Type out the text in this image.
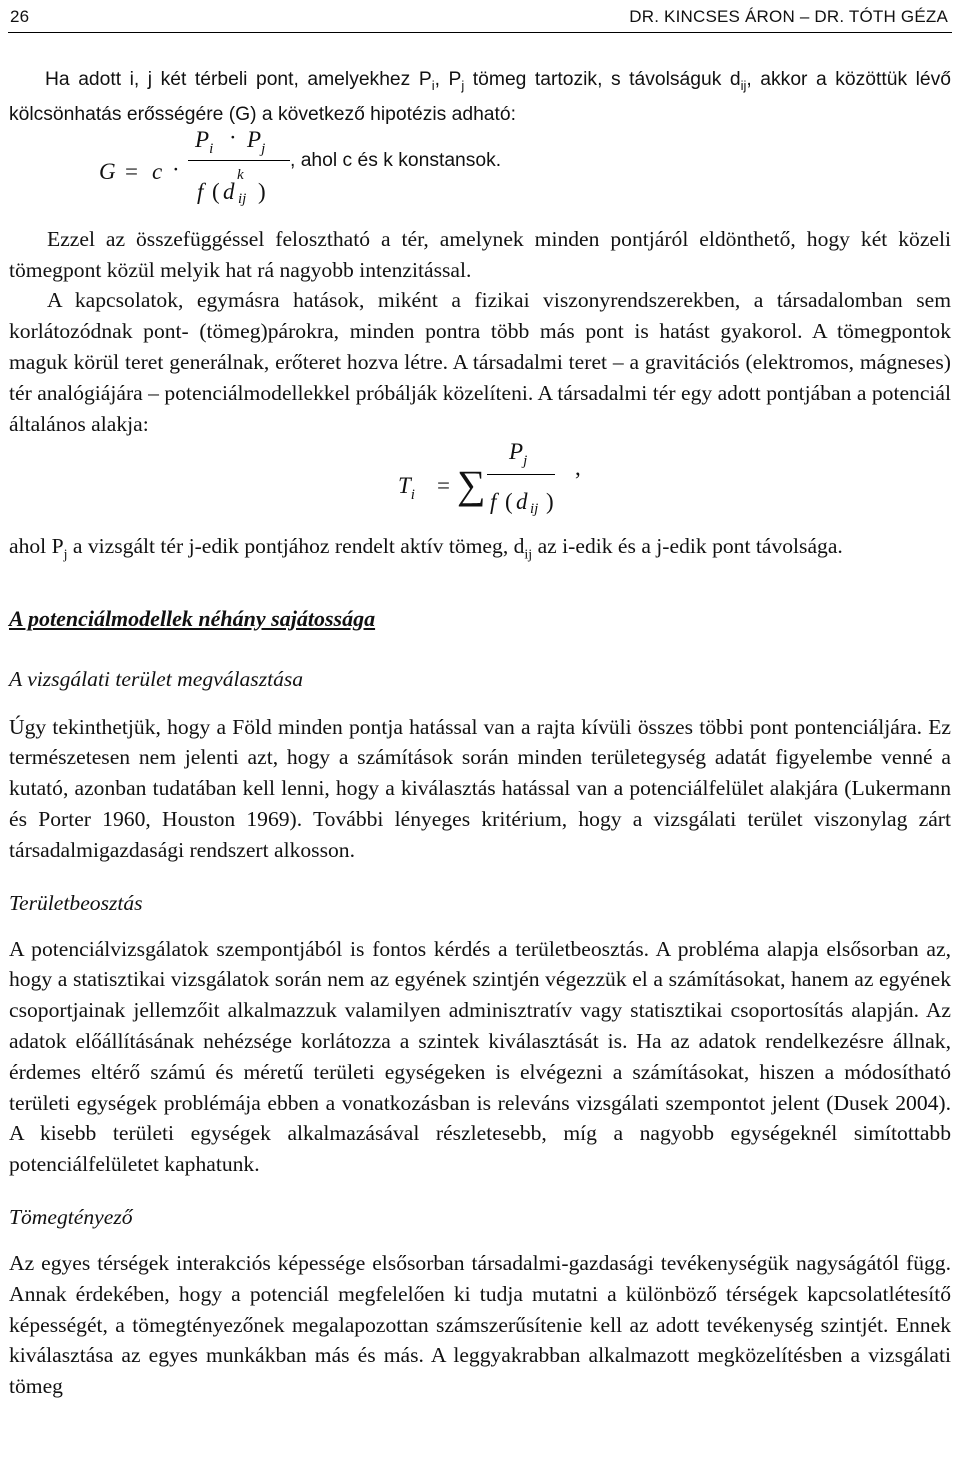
26	DR. KINCSES ÁRON – DR. TÓTH GÉZA

Ha adott i, j két térbeli pont, amelyekhez $P_i$, $P_j$ tömeg tartozik, s távolságuk $d_{ij}$, akkor a közöttük lévő kölcsönhatás erősségére (G) a következő hipotézis adható:

G = c ·
$P_i \cdot P_j$
f ( d
k
ij )
, ahol c és k konstansok.

Ezzel az összefüggéssel felosztható a tér, amelynek minden pontjáról eldönthető, hogy két közeli tömegpont közül melyik hat rá nagyobb intenzitással.

A kapcsolatok, egymásra hatások, miként a fizikai viszonyrendszerekben, a társadalomban sem korlátozódnak pont- (tömeg)párokra, minden pontra több más pont is hatást gyakorol. A tömegpontok maguk körül teret generálnak, erőteret hozva létre. A társadalmi teret – a gravitációs (elektromos, mágneses) tér analógiájára – potenciálmodellekkel próbálják közelíteni. A társadalmi tér egy adott pontjában a potenciál általános alakja:

$T_i$ = ∑
$P_j$
f ( d ij )
,

ahol $P_j$ a vizsgált tér j-edik pontjához rendelt aktív tömeg, $d_{ij}$ az i-edik és a j-edik pont távolsága.

A potenciálmodellek néhány sajátossága
A vizsgálati terület megválasztása

Úgy tekinthetjük, hogy a Föld minden pontja hatással van a rajta kívüli összes többi pont pontenciáljára. Ez természetesen nem jelenti azt, hogy a számítások során minden területegység adatát figyelembe venné a kutató, azonban tudatában kell lenni, hogy a kiválasztás hatással van a potenciálfelület alakjára (Lukermann és Porter 1960, Houston 1969). További lényeges kritérium, hogy a vizsgálati terület viszonylag zárt társadalmigazdasági rendszert alkosson.

Területbeosztás

A potenciálvizsgálatok szempontjából is fontos kérdés a területbeosztás. A probléma alapja elsősorban az, hogy a statisztikai vizsgálatok során nem az egyének szintjén végezzük el a számításokat, hanem az egyének csoportjainak jellemzőit alkalmazzuk valamilyen adminisztratív vagy statisztikai csoportosítás alapján. Az adatok előállításának nehézsége korlátozza a szintek kiválasztását is. Ha az adatok rendelkezésre állnak, érdemes eltérő számú és méretű területi egységeken is elvégezni a számításokat, hiszen a módosítható területi egységek problémája ebben a vonatkozásban is releváns vizsgálati szempontot jelent (Dusek 2004). A kisebb területi egységek alkalmazásával részletesebb, míg a nagyobb egységeknél simítottabb potenciálfelületet kaphatunk.

Tömegtényező

Az egyes térségek interakciós képessége elsősorban társadalmi-gazdasági tevékenységük nagyságától függ. Annak érdekében, hogy a potenciál megfelelően ki tudja mutatni a különböző térségek kapcsolatlétesítő képességét, a tömegtényezőnek megalapozottan számszerűsítenie kell az adott tevékenység szintjét. Ennek kiválasztása az egyes munkákban más és más. A leggyakrabban alkalmazott megközelítésben a vizsgálati tömeg
